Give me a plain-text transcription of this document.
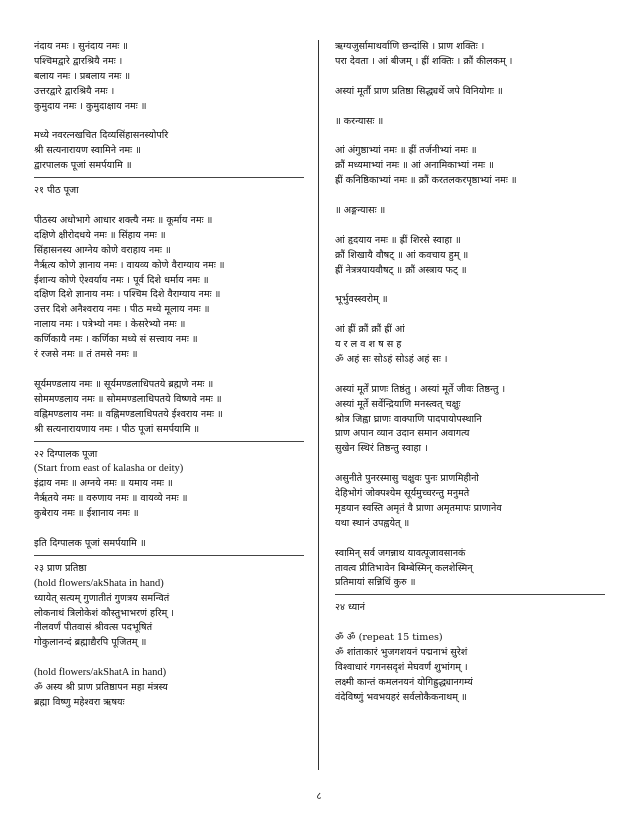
नंदाय नमः । सुनंदाय नमः ॥
पश्चिमद्वारे द्वारश्रियै नमः ।
बलाय नमः । प्रबलाय नमः ॥
उत्तरद्वारे द्वारश्रियै नमः ।
कुमुदाय नमः । कुमुदाक्षाय नमः ॥
मध्ये नवरत्नखचित दिव्यसिंहासनस्योपरि
श्री सत्यनारायण स्वामिने नमः ॥
द्वारपालक पूजां समर्पयामि ॥
२१ पीठ पूजा
पीठस्य अधोभागे आधार शक्त्यै नमः ॥ कूर्माय नमः ॥
दक्षिणे क्षीरोदधये नमः ॥ सिंहाय नमः ॥
सिंहासनस्य आग्नेय कोणे वराहाय नमः ॥
नैरृत्य कोणे ज्ञानाय नमः । वायव्य कोणे वैराग्याय नमः ॥
ईशान्य कोणे ऐश्वर्याय नमः । पूर्व दिशे धर्माय नमः ॥
दक्षिण दिशे ज्ञानाय नमः । पश्चिम दिशे वैराग्याय नमः ॥
उत्तर दिशे अनैश्वराय नमः । पीठ मध्ये मूलाय नमः ॥
नालाय नमः । पत्रेभ्यो नमः । केसरेभ्यो नमः ॥
कर्णिकायै नमः । कर्णिका मध्ये सं सत्त्वाय नमः ॥
रं रजसे नमः ॥ तं तमसे नमः ॥
सूर्यमण्डलाय नमः ॥ सूर्यमण्डलाधिपतये ब्रह्मणे नमः ॥
सोममण्डलाय नमः ॥ सोममण्डलाधिपतये विष्णवे नमः ॥
वह्निमण्डलाय नमः ॥ वह्निमण्डलाधिपतये ईश्वराय नमः ॥
श्री सत्यनारायणाय नमः । पीठ पूजां समर्पयामि ॥
२२ दिग्पालक पूजा
(Start from east of kalasha or deity)
इंद्राय नमः ॥ अग्नये नमः ॥ यमाय नमः ॥
नैरृतये नमः ॥ वरुणाय नमः ॥ वायव्ये नमः ॥
कुबेराय नमः ॥ ईशानाय नमः ॥
इति दिग्पालक पूजां समर्पयामि ॥
२३ प्राण प्रतिष्ठा
(hold flowers/akShata in hand)
ध्यायेत् सत्यम् गुणातीतं गुणत्रय समन्वितं
लोकनाथं त्रिलोकेशं कौस्तुभाभरणं हरिम् ।
नीलवर्णं पीतवासं श्रीवत्स पदभूषितं
गोकुलानन्दं ब्रह्माद्यैरपि पूजितम् ॥
(hold flowers/akShatA in hand)
ॐ अस्य श्री प्राण प्रतिष्ठापन महा मंत्रस्य
ब्रह्मा विष्णु महेश्वरा ऋषयः
ऋग्यजुर्सामाथर्वाणि छन्दांसि । प्राण शक्तिः ।
परा देवता । आं बीजम् । ह्रीं शक्तिः । क्रौं कीलकम् ।
अस्यां मूर्तौ प्राण प्रतिष्ठा सिद्ध्यर्थे जपे विनियोगः ॥
॥ करन्यासः ॥
आं अंगुष्ठाभ्यां नमः ॥ ह्रीं तर्जनीभ्यां नमः ॥
क्रौं मध्यमाभ्यां नमः ॥ आं अनामिकाभ्यां नमः ॥
ह्रीं कनिष्ठिकाभ्यां नमः ॥ क्रौं करतलकरपृष्ठाभ्यां नमः ॥
॥ अङ्गन्यासः ॥
आं हृदयाय नमः ॥ ह्रीं शिरसे स्वाहा ॥
क्रौं शिखायै वौषट् ॥ आं कवचाय हुम् ॥
ह्रीं नेत्रत्रयायवौषट् ॥ क्रौं अस्त्राय फट् ॥
भूर्भुवस्स्वरोम् ॥
आं ह्रीं क्रौं क्रौं ह्रीं आं
य र ल व श ष स ह
ॐ अहं सः सोऽहं सोऽहं अहं सः ।
अस्यां मूर्तें प्राणः तिष्ठंतु । अस्यां मूर्ते जीवः तिष्ठन्तु ।
अस्यां मूर्ते सर्वेन्द्रियाणि मनस्त्वत् चक्षुः
श्रोत्र जिह्वा घ्राणः वाक्पाणि पादपायोपस्थानि
प्राण अपान व्यान उदान समान अवागत्य
सुखेन स्थिरं तिष्ठन्तु स्वाहा ।
असुनीते पुनरस्मासु चक्षुवः पुनः प्राणमिहीनो
देहिभोगं जोक्पश्येम सूर्यमुच्चरन्तु मनुमते
मृडयान स्वस्ति अमृतं वै प्राणा अमृतमापः प्राणानेव
यथा स्थानं उपह्वयेत् ॥
स्वामिन् सर्व जगन्नाथ यावत्पूजावसानकं
तावत्व प्रीतिभावेन बिम्बेस्मिन् कलशेस्मिन्
प्रतिमायां सन्निधिं कुरु ॥
२४ ध्यानं
ॐ ॐ (repeat 15 times)
ॐ शांताकारं भुजगशयनं पद्मनाभं सुरेशं
विश्वाधारं गगनसदृशं मेघवर्णं शुभांगम् ।
लक्ष्मी कान्तं कमलनयनं योगिह्रुद्ध्यानगम्यं
वंदेविष्णुं भवभयहरं सर्वलोकैकनाथम् ॥
८
